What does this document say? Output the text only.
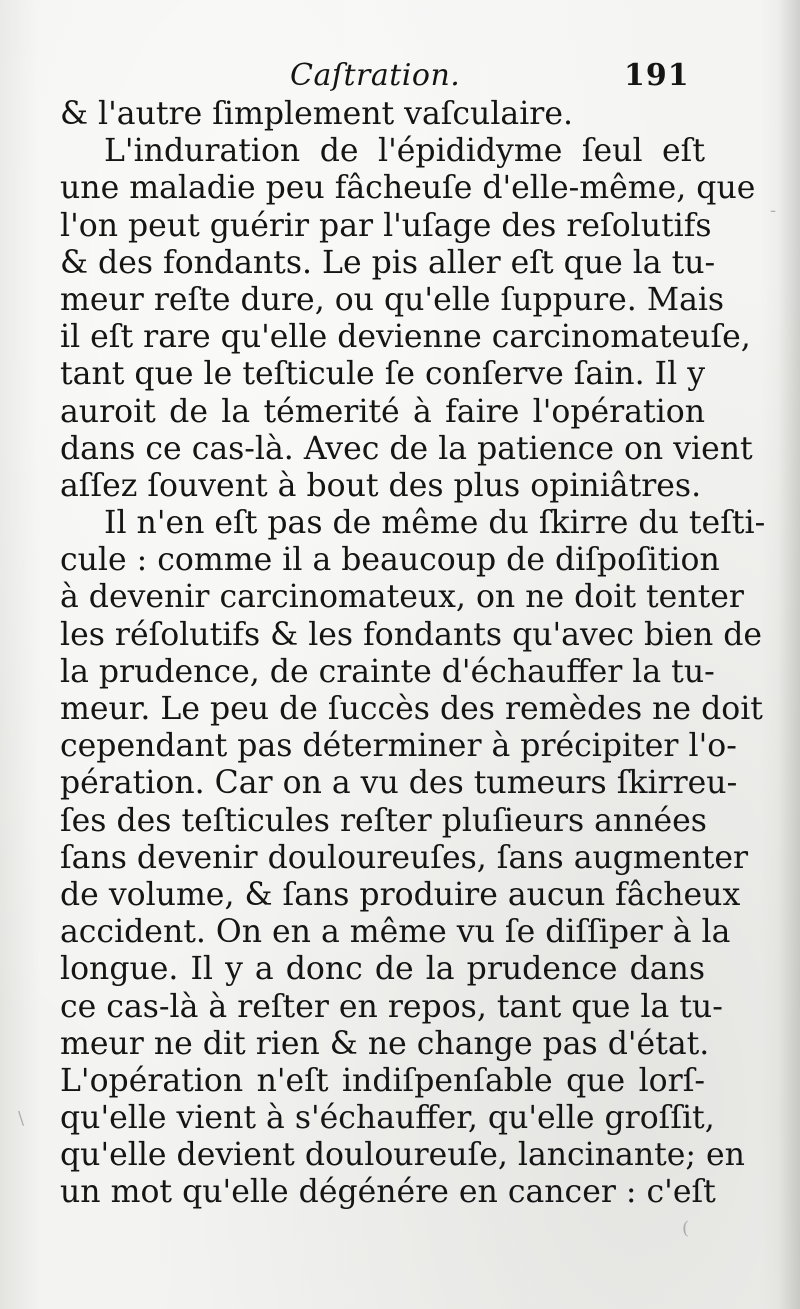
Caſtration.	191
& l'autre ſimplement vaſculaire.
L'induration de l'épididyme ſeul eſt
une maladie peu fâcheuſe d'elle-même, que
l'on peut guérir par l'uſage des reſolutifs
& des fondants. Le pis aller eſt que la tu-
meur reſte dure, ou qu'elle ſuppure. Mais
il eſt rare qu'elle devienne carcinomateuſe,
tant que le teſticule ſe conſerve ſain. Il y
auroit de la témerité à faire l'opération
dans ce cas-là. Avec de la patience on vient
aſſez ſouvent à bout des plus opiniâtres.
Il n'en eſt pas de même du ſkirre du teſti-
cule : comme il a beaucoup de diſpoſition
à devenir carcinomateux, on ne doit tenter
les réſolutifs & les fondants qu'avec bien de
la prudence, de crainte d'échauffer la tu-
meur. Le peu de ſuccès des remèdes ne doit
cependant pas déterminer à précipiter l'o-
pération. Car on a vu des tumeurs ſkirreu-
ſes des teſticules reſter pluſieurs années
ſans devenir douloureuſes, ſans augmenter
de volume, & ſans produire aucun fâcheux
accident. On en a même vu ſe diſſiper à la
longue. Il y a donc de la prudence dans
ce cas-là à reſter en repos, tant que la tu-
meur ne dit rien & ne change pas d'état.
L'opération n'eſt indiſpenſable que lorſ-
qu'elle vient à s'échauffer, qu'elle groſſit,
qu'elle devient douloureuſe, lancinante; en
un mot qu'elle dégénére en cancer : c'eſt
(
\
-
